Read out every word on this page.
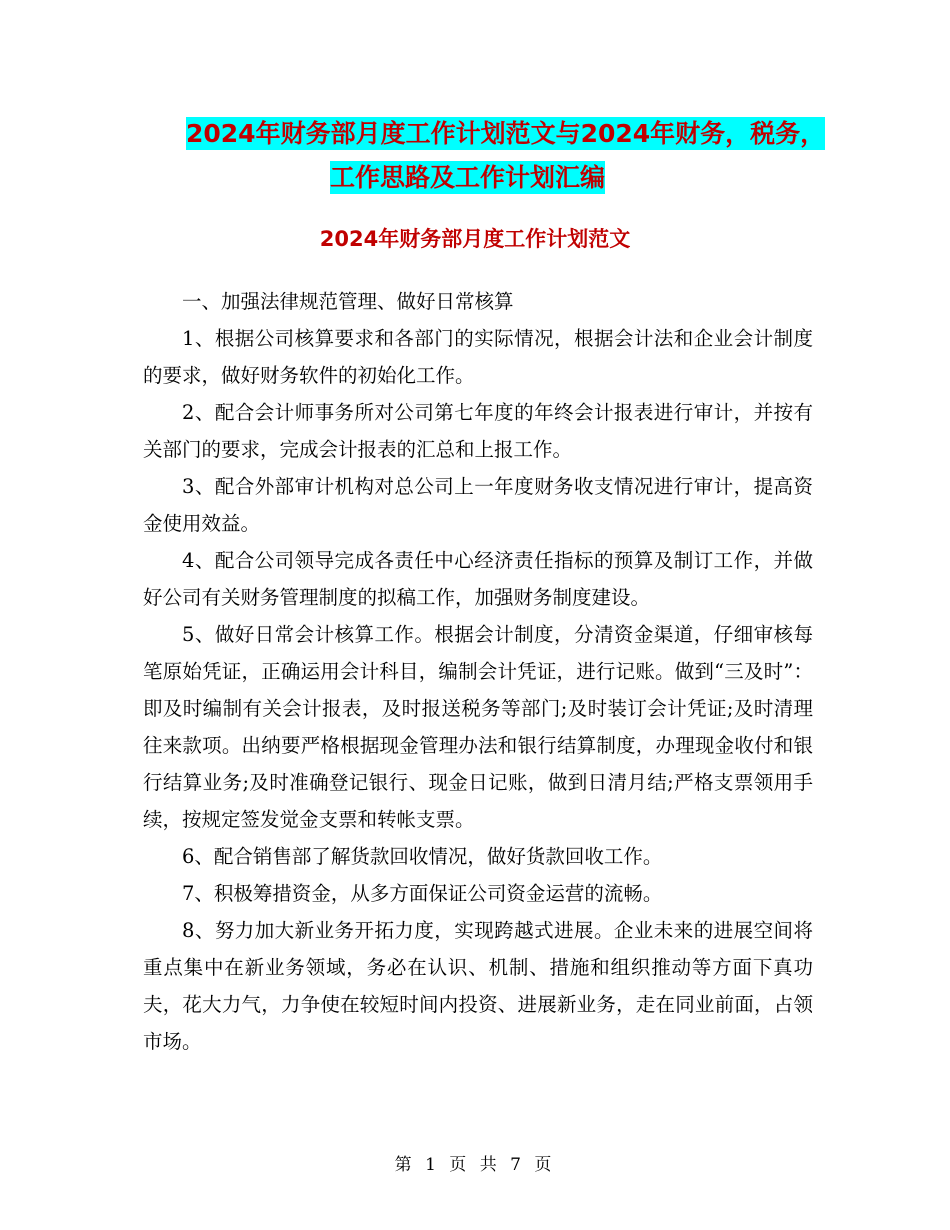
2024年财务部月度工作计划范文与2024年财务，税务，
工作思路及工作计划汇编
2024年财务部月度工作计划范文

一、加强法律规范管理、做好日常核算

1、根据公司核算要求和各部门的实际情况，根据会计法和企业会计制度的要求，做好财务软件的初始化工作。

2、配合会计师事务所对公司第七年度的年终会计报表进行审计，并按有关部门的要求，完成会计报表的汇总和上报工作。

3、配合外部审计机构对总公司上一年度财务收支情况进行审计，提高资金使用效益。

4、配合公司领导完成各责任中心经济责任指标的预算及制订工作，并做好公司有关财务管理制度的拟稿工作，加强财务制度建设。

5、做好日常会计核算工作。根据会计制度，分清资金渠道，仔细审核每笔原始凭证，正确运用会计科目，编制会计凭证，进行记账。做到“三及时”：即及时编制有关会计报表，及时报送税务等部门;及时装订会计凭证;及时清理往来款项。出纳要严格根据现金管理办法和银行结算制度，办理现金收付和银行结算业务;及时准确登记银行、现金日记账，做到日清月结;严格支票领用手续，按规定签发觉金支票和转帐支票。

6、配合销售部了解货款回收情况，做好货款回收工作。

7、积极筹措资金，从多方面保证公司资金运营的流畅。

8、努力加大新业务开拓力度，实现跨越式进展。企业未来的进展空间将重点集中在新业务领域，务必在认识、机制、措施和组织推动等方面下真功夫，花大力气，力争使在较短时间内投资、进展新业务，走在同业前面，占领市场。

第 1 页 共 7 页
